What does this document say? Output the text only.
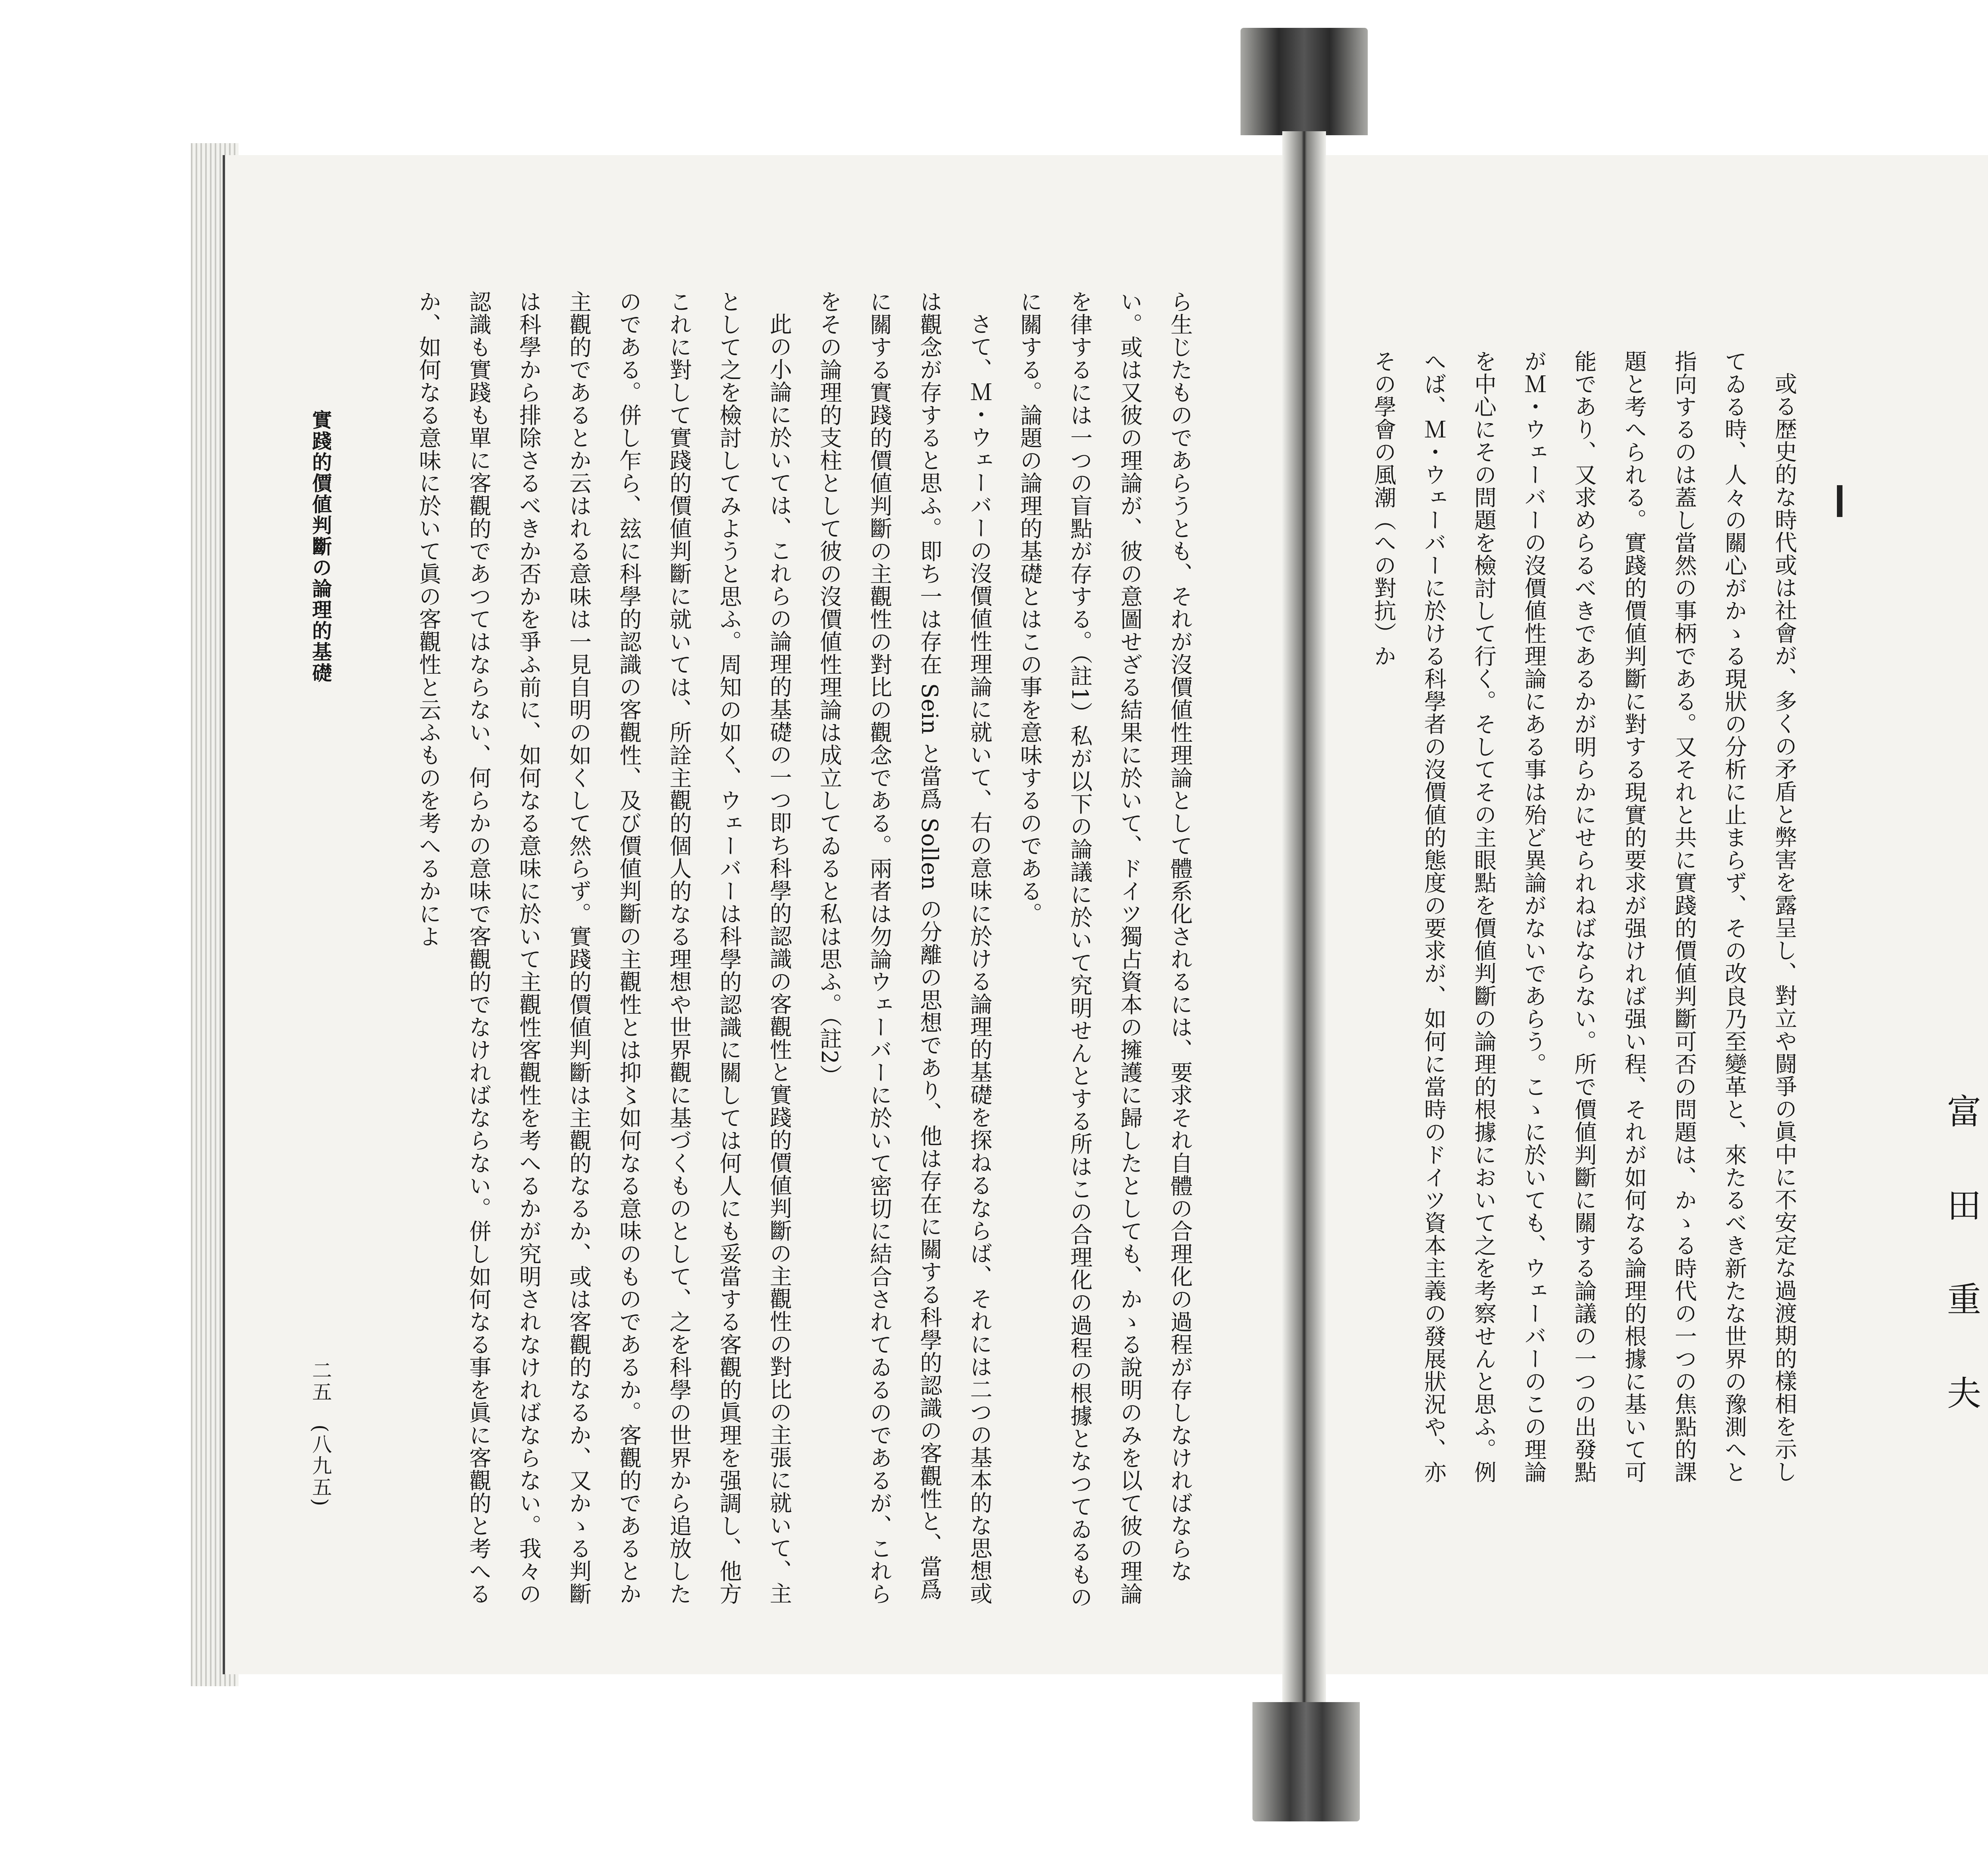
富田重夫
或る歴史的な時代或は社會が、多くの矛盾と弊害を露呈し、對立や闘爭の眞中に不安定な過渡期的樣相を示してゐる時、人々の關心がかゝる現狀の分析に止まらず、その改良乃至變革と、來たるべき新たな世界の豫測へと指向するのは蓋し當然の事柄である。又それと共に實踐的價値判斷可否の問題は、かゝる時代の一つの焦點的課題と考へられる。實踐的價値判斷に對する現實的要求が强ければ强い程、それが如何なる論理的根據に基いて可能であり、又求めらるべきであるかが明らかにせられねばならない。所で價値判斷に關する論議の一つの出發點がＭ・ウェーバーの沒價値性理論にある事は殆ど異論がないであらう。こゝに於いても、ウェーバーのこの理論を中心にその問題を檢討して行く。そしてその主眼點を價値判斷の論理的根據において之を考察せんと思ふ。例へば、Ｍ・ウェーバーに於ける科學者の沒價値的態度の要求が、如何に當時のドイツ資本主義の發展狀況や、亦その學會の風潮（への對抗）か
ら生じたものであらうとも、それが沒價値性理論として體系化されるには、要求それ自體の合理化の過程が存しなければならない。或は又彼の理論が、彼の意圖せざる結果に於いて、ドイツ獨占資本の擁護に歸したとしても、かゝる說明のみを以て彼の理論を律するには一つの盲點が存する。（註1）私が以下の論議に於いて究明せんとする所はこの合理化の過程の根據となつてゐるものに關する。論題の論理的基礎とはこの事を意味するのである。
さて、Ｍ・ウェーバーの沒價値性理論に就いて、右の意味に於ける論理的基礎を探ねるならば、それには二つの基本的な思想或は觀念が存すると思ふ。即ち一は存在 Sein と當爲 Sollen の分離の思想であり、他は存在に關する科學的認識の客觀性と、當爲に關する實踐的價値判斷の主觀性の對比の觀念である。兩者は勿論ウェーバーに於いて密切に結合されてゐるのであるが、これらをその論理的支柱として彼の沒價値性理論は成立してゐると私は思ふ。（註2）
此の小論に於いては、これらの論理的基礎の一つ即ち科學的認識の客觀性と實踐的價値判斷の主觀性の對比の主張に就いて、主として之を檢討してみようと思ふ。周知の如く、ウェーバーは科學的認識に關しては何人にも妥當する客觀的眞理を强調し、他方これに對して實踐的價値判斷に就いては、所詮主觀的個人的なる理想や世界觀に基づくものとして、之を科學の世界から追放したのである。併し乍ら、玆に科學的認識の客觀性、及び價値判斷の主觀性とは抑〻如何なる意味のものであるか。客觀的であるとか主觀的であるとか云はれる意味は一見自明の如くして然らず。實踐的價値判斷は主觀的なるか、或は客觀的なるか、又かゝる判斷は科學から排除さるべきか否かを爭ふ前に、如何なる意味に於いて主觀性客觀性を考へるかが究明されなければならない。我々の認識も實踐も單に客觀的であつてはならない、何らかの意味で客觀的でなければならない。併し如何なる事を眞に客觀的と考へるか、如何なる意味に於いて眞の客觀性と云ふものを考へるかによ
實踐的價値判斷の論理的基礎
二五　(八九五)
